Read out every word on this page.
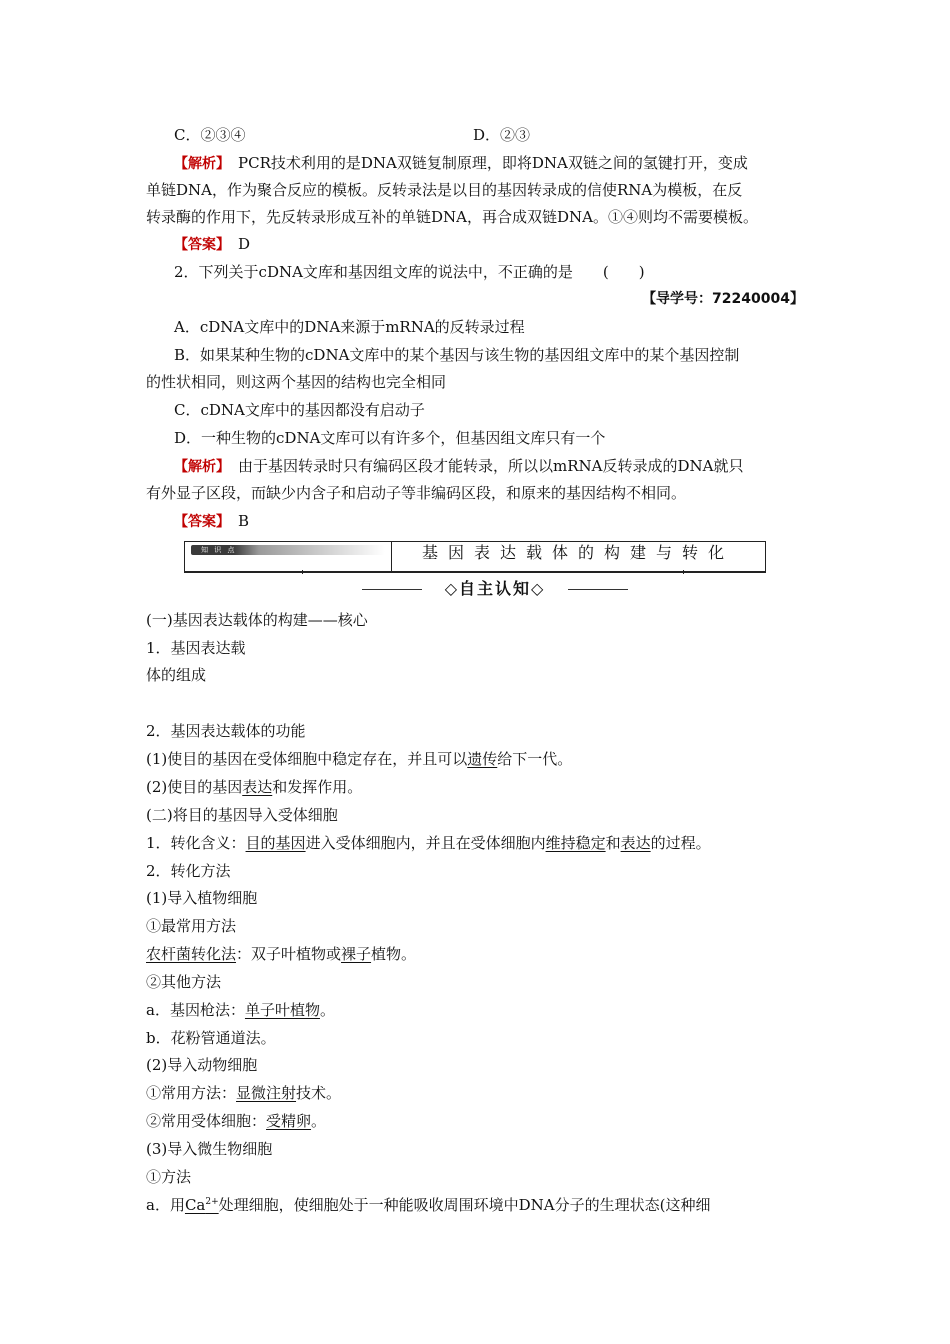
C．②③④	D．②③
【解析】　PCR技术利用的是DNA双链复制原理，即将DNA双链之间的氢键打开，变成
单链DNA，作为聚合反应的模板。反转录法是以目的基因转录成的信使RNA为模板，在反
转录酶的作用下，先反转录形成互补的单链DNA，再合成双链DNA。①④则均不需要模板。
【答案】　D
2．下列关于cDNA文库和基因组文库的说法中，不正确的是　　(　　)
【导学号：72240004】
A．cDNA文库中的DNA来源于mRNA的反转录过程
B．如果某种生物的cDNA文库中的某个基因与该生物的基因组文库中的某个基因控制
的性状相同，则这两个基因的结构也完全相同
C．cDNA文库中的基因都没有启动子
D．一种生物的cDNA文库可以有许多个，但基因组文库只有一个
【解析】　由于基因转录时只有编码区段才能转录，所以以mRNA反转录成的DNA就只
有外显子区段，而缺少内含子和启动子等非编码区段，和原来的基因结构不相同。
【答案】　B
知 识 点	基因表达载体的构建与转化
◇自主认知◇
(一)基因表达载体的构建——核心
1．基因表达载
体的组成
2．基因表达载体的功能
(1)使目的基因在受体细胞中稳定存在，并且可以遗传给下一代。
(2)使目的基因表达和发挥作用。
(二)将目的基因导入受体细胞
1．转化含义：目的基因进入受体细胞内，并且在受体细胞内维持稳定和表达的过程。
2．转化方法
(1)导入植物细胞
①最常用方法
农杆菌转化法：双子叶植物或裸子植物。
②其他方法
a．基因枪法：单子叶植物。
b．花粉管通道法。
(2)导入动物细胞
①常用方法：显微注射技术。
②常用受体细胞：受精卵。
(3)导入微生物细胞
①方法
a．用$Ca^{2+}$处理细胞，使细胞处于一种能吸收周围环境中DNA分子的生理状态(这种细
